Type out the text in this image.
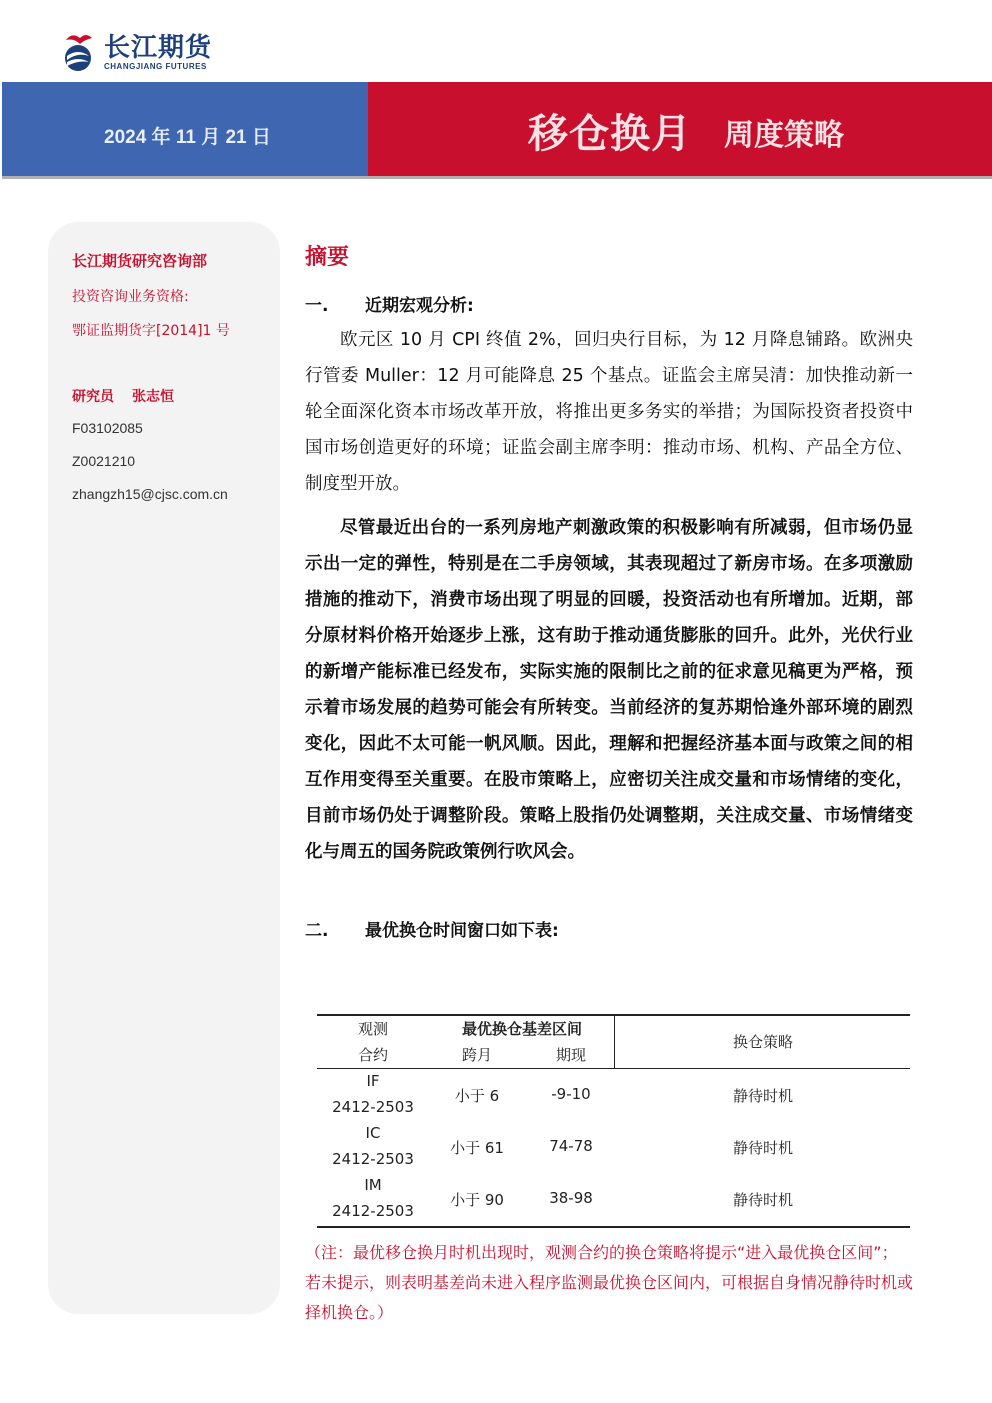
长江期货
CHANGJIANG FUTURES
2024 年 11 月 21 日	移仓换月 周度策略
长江期货研究咨询部
投资咨询业务资格:
鄂证监期货字[2014]1 号
研究员 张志恒
F03102085
Z0021210
zhangzh15@cjsc.com.cn
摘要
一.	近期宏观分析:
欧元区 10 月 CPI 终值 2%，回归央行目标，为 12 月降息铺路。欧洲央行管委 Muller：12 月可能降息 25 个基点。证监会主席吴清：加快推动新一轮全面深化资本市场改革开放，将推出更多务实的举措；为国际投资者投资中国市场创造更好的环境；证监会副主席李明：推动市场、机构、产品全方位、制度型开放。
尽管最近出台的一系列房地产刺激政策的积极影响有所减弱，但市场仍显示出一定的弹性，特别是在二手房领域，其表现超过了新房市场。在多项激励措施的推动下，消费市场出现了明显的回暖，投资活动也有所增加。近期，部分原材料价格开始逐步上涨，这有助于推动通货膨胀的回升。此外，光伏行业的新增产能标准已经发布，实际实施的限制比之前的征求意见稿更为严格，预示着市场发展的趋势可能会有所转变。当前经济的复苏期恰逢外部环境的剧烈变化，因此不太可能一帆风顺。因此，理解和把握经济基本面与政策之间的相互作用变得至关重要。在股市策略上，应密切关注成交量和市场情绪的变化，目前市场仍处于调整阶段。策略上股指仍处调整期，关注成交量、市场情绪变化与周五的国务院政策例行吹风会。
二.	最优换仓时间窗口如下表:
观测
合约
最优换仓基差区间
跨月	期现
换仓策略
IF
2412-2503
小于 6	-9-10	静待时机
IC
2412-2503
小于 61	74-78	静待时机
IM
2412-2503
小于 90	38-98	静待时机
（注：最优移仓换月时机出现时，观测合约的换仓策略将提示“进入最优换仓区间”；若未提示，则表明基差尚未进入程序监测最优换仓区间内，可根据自身情况静待时机或择机换仓。）
